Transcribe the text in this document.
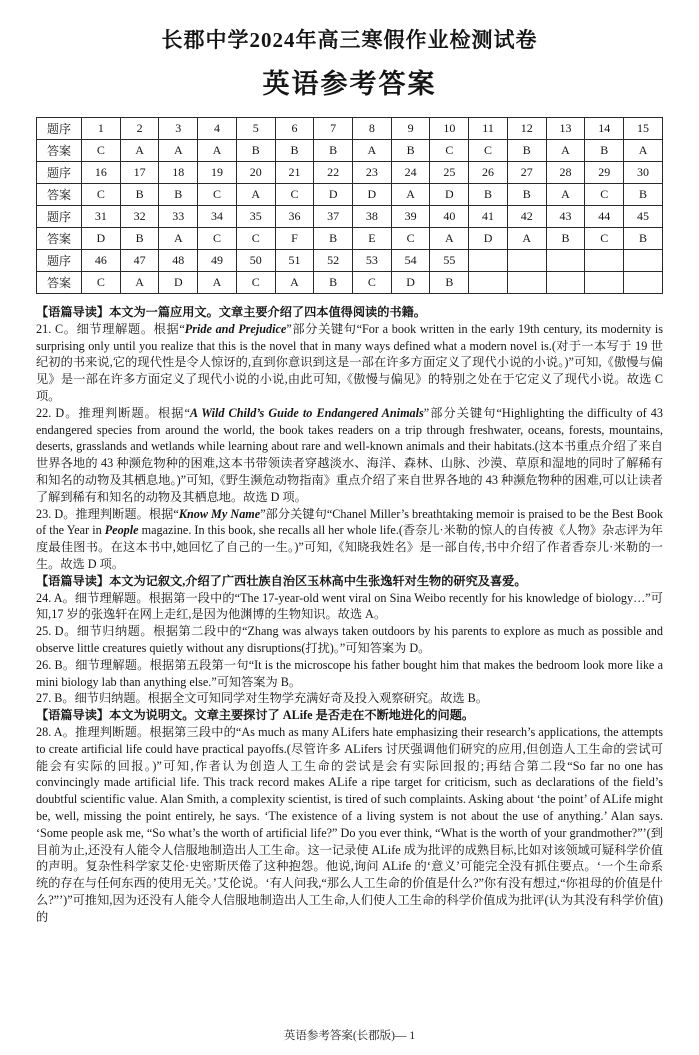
长郡中学2024年高三寒假作业检测试卷
英语参考答案
题序	1	2	3	4	5	6	7	8	9	10	11	12	13	14	15
答案	C	A	A	A	B	B	B	A	B	C	C	B	A	B	A
题序	16	17	18	19	20	21	22	23	24	25	26	27	28	29	30
答案	C	B	B	C	A	C	D	D	A	D	B	B	A	C	B
题序	31	32	33	34	35	36	37	38	39	40	41	42	43	44	45
答案	D	B	A	C	C	F	B	E	C	A	D	A	B	C	B
题序	46	47	48	49	50	51	52	53	54	55					
答案	C	A	D	A	C	A	B	C	D	B					

【语篇导读】本文为一篇应用文。文章主要介绍了四本值得阅读的书籍。

21. C。细节理解题。根据“Pride and Prejudice”部分关键句“For a book written in the early 19th century, its modernity is surprising only until you realize that this is the novel that in many ways defined what a modern novel is.(对于一本写于 19 世纪初的书来说,它的现代性是令人惊讶的,直到你意识到这是一部在许多方面定义了现代小说的小说。)”可知,《傲慢与偏见》是一部在许多方面定义了现代小说的小说,由此可知,《傲慢与偏见》的特别之处在于它定义了现代小说。故选 C 项。

22. D。推理判断题。根据“A Wild Child’s Guide to Endangered Animals”部分关键句“Highlighting the difficulty of 43 endangered species from around the world, the book takes readers on a trip through freshwater, oceans, forests, mountains, deserts, grasslands and wetlands while learning about rare and well-known animals and their habitats.(这本书重点介绍了来自世界各地的 43 种濒危物种的困难,这本书带领读者穿越淡水、海洋、森林、山脉、沙漠、草原和湿地的同时了解稀有和知名的动物及其栖息地。)”可知,《野生濒危动物指南》重点介绍了来自世界各地的 43 种濒危物种的困难,可以让读者了解到稀有和知名的动物及其栖息地。故选 D 项。

23. D。推理判断题。根据“Know My Name”部分关键句“Chanel Miller’s breathtaking memoir is praised to be the Best Book of the Year in People magazine. In this book, she recalls all her whole life.(香奈儿·米勒的惊人的自传被《人物》杂志评为年度最佳图书。在这本书中,她回忆了自己的一生。)”可知,《知晓我姓名》是一部自传,书中介绍了作者香奈儿·米勒的一生。故选 D 项。

【语篇导读】本文为记叙文,介绍了广西壮族自治区玉林高中生张逸轩对生物的研究及喜爱。

24. A。细节理解题。根据第一段中的“The 17-year-old went viral on Sina Weibo recently for his knowledge of biology…”可知,17 岁的张逸轩在网上走红,是因为他渊博的生物知识。故选 A。

25. D。细节归纳题。根据第二段中的“Zhang was always taken outdoors by his parents to explore as much as possible and observe little creatures quietly without any disruptions(打扰)。”可知答案为 D。

26. B。细节理解题。根据第五段第一句“It is the microscope his father bought him that makes the bedroom look more like a mini biology lab than anything else.”可知答案为 B。

27. B。细节归纳题。根据全文可知同学对生物学充满好奇及投入观察研究。故选 B。

【语篇导读】本文为说明文。文章主要探讨了 ALife 是否走在不断地进化的问题。

28. A。推理判断题。根据第三段中的“As much as many ALifers hate emphasizing their research’s applications, the attempts to create artificial life could have practical payoffs.(尽管许多 ALifers 讨厌强调他们研究的应用,但创造人工生命的尝试可能会有实际的回报。)”可知,作者认为创造人工生命的尝试是会有实际回报的;再结合第二段“So far no one has convincingly made artificial life. This track record makes ALife a ripe target for criticism, such as declarations of the field’s doubtful scientific value. Alan Smith, a complexity scientist, is tired of such complaints. Asking about ‘the point’ of ALife might be, well, missing the point entirely, he says. ‘The existence of a living system is not about the use of anything.’ Alan says. ‘Some people ask me, “So what’s the worth of artificial life?” Do you ever think, “What is the worth of your grandmother?”’(到目前为止,还没有人能令人信服地制造出人工生命。这一记录使 ALife 成为批评的成熟目标,比如对该领域可疑科学价值的声明。复杂性科学家艾伦·史密斯厌倦了这种抱怨。他说,询问 ALife 的‘意义’可能完全没有抓住要点。‘一个生命系统的存在与任何东西的使用无关。’艾伦说。‘有人问我,“那么人工生命的价值是什么?”你有没有想过,“你祖母的价值是什么?”’)”可推知,因为还没有人能令人信服地制造出人工生命,人们使人工生命的科学价值成为批评(认为其没有科学价值)的

英语参考答案(长郡版)— 1
